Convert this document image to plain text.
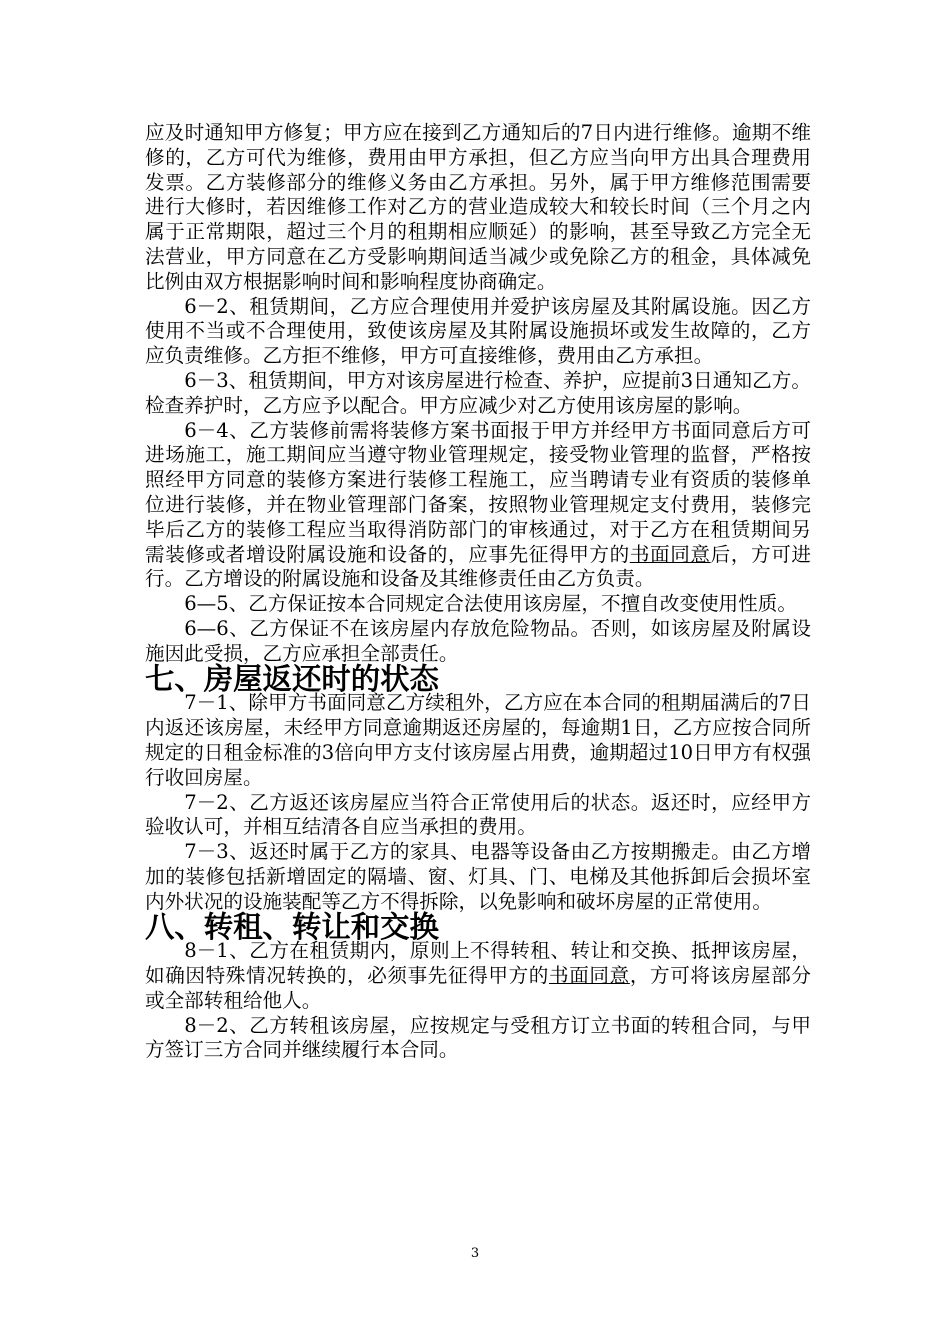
应及时通知甲方修复；甲方应在接到乙方通知后的7日内进行维修。逾期不维修的，乙方可代为维修，费用由甲方承担，但乙方应当向甲方出具合理费用发票。乙方装修部分的维修义务由乙方承担。另外，属于甲方维修范围需要进行大修时，若因维修工作对乙方的营业造成较大和较长时间（三个月之内属于正常期限，超过三个月的租期相应顺延）的影响，甚至导致乙方完全无法营业，甲方同意在乙方受影响期间适当减少或免除乙方的租金，具体减免比例由双方根据影响时间和影响程度协商确定。

6－2、租赁期间，乙方应合理使用并爱护该房屋及其附属设施。因乙方使用不当或不合理使用，致使该房屋及其附属设施损坏或发生故障的，乙方应负责维修。乙方拒不维修，甲方可直接维修，费用由乙方承担。

6－3、租赁期间，甲方对该房屋进行检查、养护，应提前3日通知乙方。检查养护时，乙方应予以配合。甲方应减少对乙方使用该房屋的影响。

6－4、乙方装修前需将装修方案书面报于甲方并经甲方书面同意后方可进场施工，施工期间应当遵守物业管理规定，接受物业管理的监督，严格按照经甲方同意的装修方案进行装修工程施工，应当聘请专业有资质的装修单位进行装修，并在物业管理部门备案，按照物业管理规定支付费用，装修完毕后乙方的装修工程应当取得消防部门的审核通过，对于乙方在租赁期间另需装修或者增设附属设施和设备的，应事先征得甲方的书面同意后，方可进行。乙方增设的附属设施和设备及其维修责任由乙方负责。

6—5、乙方保证按本合同规定合法使用该房屋，不擅自改变使用性质。

6—6、乙方保证不在该房屋内存放危险物品。否则，如该房屋及附属设施因此受损，乙方应承担全部责任。

七、房屋返还时的状态

7－1、除甲方书面同意乙方续租外，乙方应在本合同的租期届满后的7日内返还该房屋，未经甲方同意逾期返还房屋的，每逾期1日，乙方应按合同所规定的日租金标准的3倍向甲方支付该房屋占用费，逾期超过10日甲方有权强行收回房屋。

7－2、乙方返还该房屋应当符合正常使用后的状态。返还时，应经甲方验收认可，并相互结清各自应当承担的费用。

7－3、返还时属于乙方的家具、电器等设备由乙方按期搬走。由乙方增加的装修包括新增固定的隔墙、窗、灯具、门、电梯及其他拆卸后会损坏室内外状况的设施装配等乙方不得拆除，以免影响和破坏房屋的正常使用。

八、转租、转让和交换

8－1、乙方在租赁期内，原则上不得转租、转让和交换、抵押该房屋，如确因特殊情况转换的，必须事先征得甲方的书面同意，方可将该房屋部分或全部转租给他人。

8－2、乙方转租该房屋，应按规定与受租方订立书面的转租合同，与甲方签订三方合同并继续履行本合同。

3
